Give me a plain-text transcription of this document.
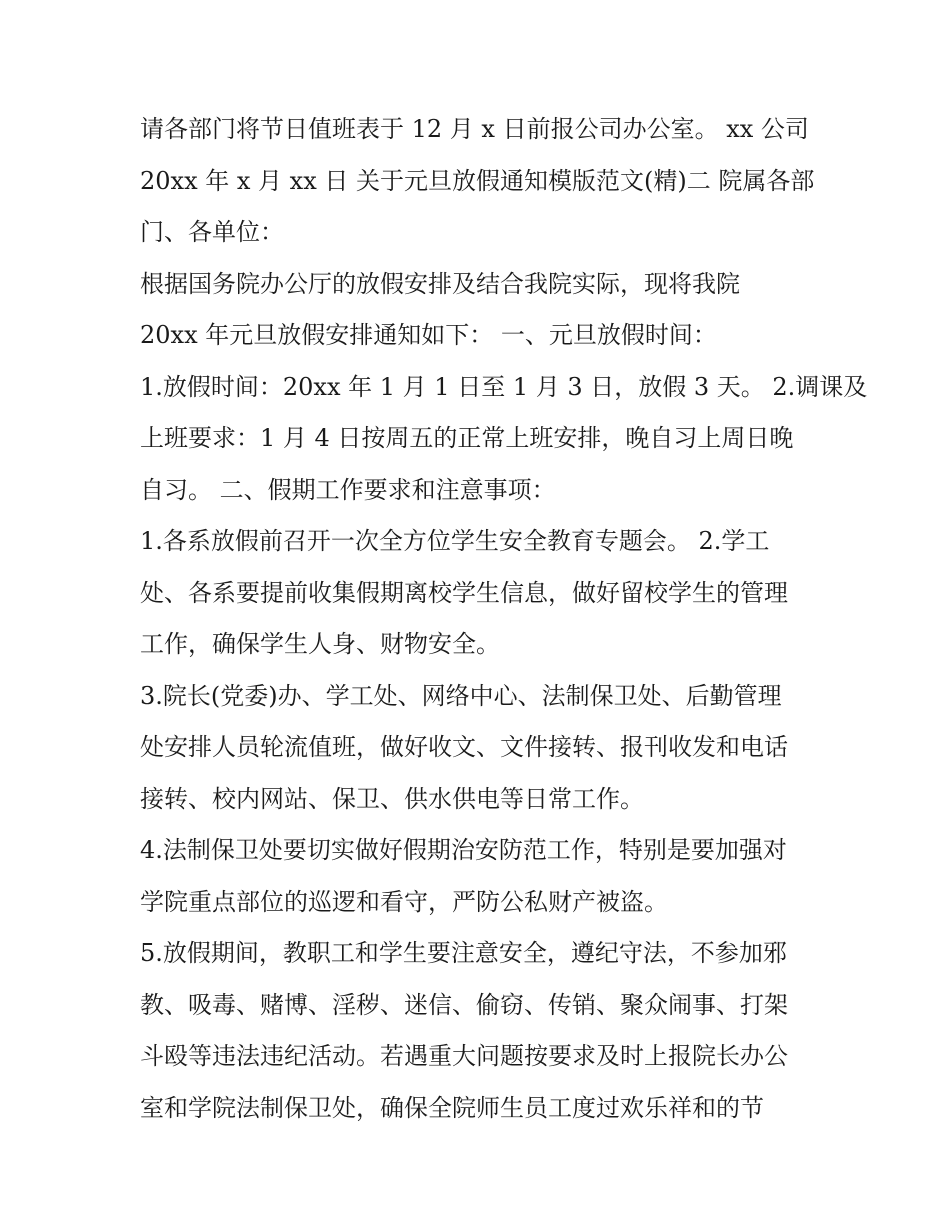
请各部门将节日值班表于 12 月 x 日前报公司办公室。 xx 公司

20xx 年 x 月 xx 日 关于元旦放假通知模版范文(精)二 院属各部

门、各单位：

根据国务院办公厅的放假安排及结合我院实际，现将我院

20xx 年元旦放假安排通知如下： 一、元旦放假时间：

1.放假时间：20xx 年 1 月 1 日至 1 月 3 日，放假 3 天。 2.调课及

上班要求：1 月 4 日按周五的正常上班安排，晚自习上周日晚

自习。 二、假期工作要求和注意事项：

1.各系放假前召开一次全方位学生安全教育专题会。 2.学工

处、各系要提前收集假期离校学生信息，做好留校学生的管理

工作，确保学生人身、财物安全。

3.院长(党委)办、学工处、网络中心、法制保卫处、后勤管理

处安排人员轮流值班，做好收文、文件接转、报刊收发和电话

接转、校内网站、保卫、供水供电等日常工作。

4.法制保卫处要切实做好假期治安防范工作，特别是要加强对

学院重点部位的巡逻和看守，严防公私财产被盗。

5.放假期间，教职工和学生要注意安全，遵纪守法，不参加邪

教、吸毒、赌博、淫秽、迷信、偷窃、传销、聚众闹事、打架

斗殴等违法违纪活动。若遇重大问题按要求及时上报院长办公

室和学院法制保卫处，确保全院师生员工度过欢乐祥和的节
